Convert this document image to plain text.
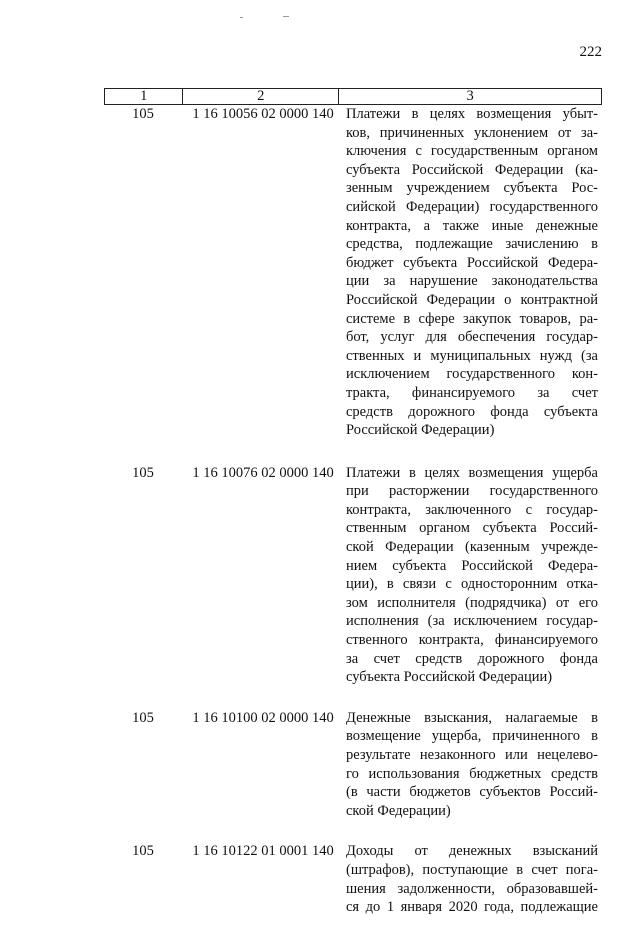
222
1	2	3
105	1 16 10056 02 0000 140 Платежи в целях возмещения убыт-
ков, причиненных уклонением от за-
ключения с государственным органом
субъекта Российской Федерации (ка-
зенным учреждением субъекта Рос-
сийской Федерации) государственного
контракта, а также иные денежные
средства, подлежащие зачислению в
бюджет субъекта Российской Федера-
ции за нарушение законодательства
Российской Федерации о контрактной
системе в сфере закупок товаров, ра-
бот, услуг для обеспечения государ-
ственных и муниципальных нужд (за
исключением государственного кон-
тракта, финансируемого за счет
средств дорожного фонда субъекта
Российской Федерации)
105	1 16 10076 02 0000 140 Платежи в целях возмещения ущерба
при расторжении государственного
контракта, заключенного с государ-
ственным органом субъекта Россий-
ской Федерации (казенным учрежде-
нием субъекта Российской Федера-
ции), в связи с односторонним отка-
зом исполнителя (подрядчика) от его
исполнения (за исключением государ-
ственного контракта, финансируемого
за счет средств дорожного фонда
субъекта Российской Федерации)
105	1 16 10100 02 0000 140 Денежные взыскания, налагаемые в
возмещение ущерба, причиненного в
результате незаконного или нецелево-
го использования бюджетных средств
(в части бюджетов субъектов Россий-
ской Федерации)
105	1 16 10122 01 0001 140 Доходы от денежных взысканий
(штрафов), поступающие в счет пога-
шения задолженности, образовавшей-
ся до 1 января 2020 года, подлежащие
